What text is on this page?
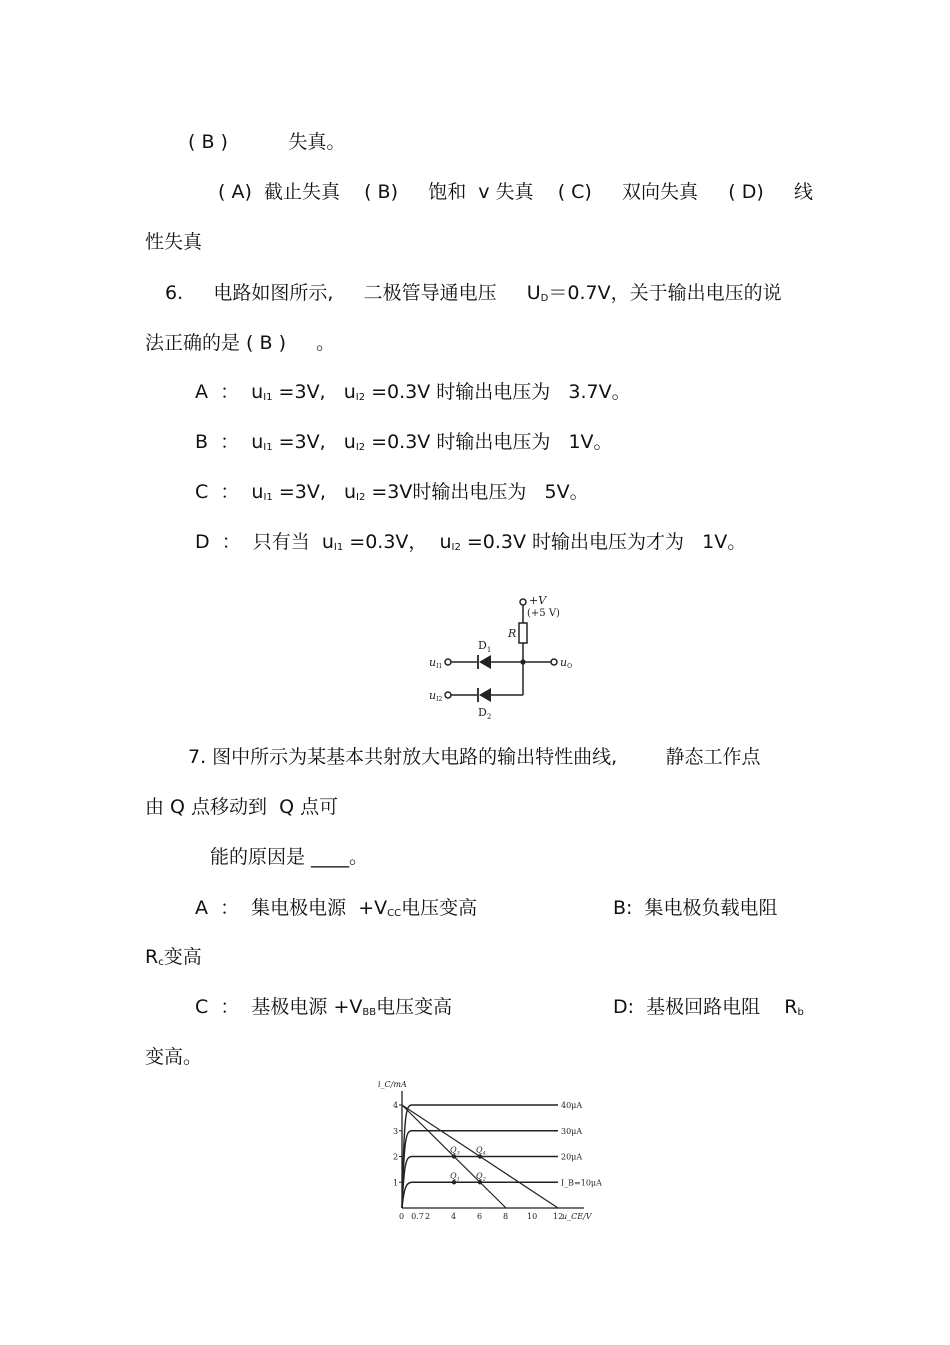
( B )          失真。
( A)  截止失真    ( B)     饱和  v 失真    ( C)     双向失真     ( D)     线
性失真
6.     电路如图所示,     二极管导通电压     $U_D=0.7V$，关于输出电压的说
法正确的是 ( B )     。
A  ：  $u_{I1} =3V$,   $u_{I2} =0.3V$ 时输出电压为   3.7V。
B  ：  $u_{I1} =3V$,   $u_{I2} =0.3V$ 时输出电压为   1V。
C  ：  $u_{I1} =3V$,   $u_{I2} =3V$时输出电压为   5V。
D  ：  只有当  $u_{I1} =0.3V$，  $u_{I2} =0.3V$ 时输出电压为才为   1V。
+V
(+5 V)
R
$D_1$
$D_2$
uI1
uI2
uO
7. 图中所示为某基本共射放大电路的输出特性曲线,        静态工作点
由 Q 点移动到  Q 点可
能的原因是 ____。
A  ：  集电极电源  $+V_{CC}$电压变高	B:  集电极负载电阻
$R_c$变高
C  ：  基极电源 $+V_{BB}$电压变高	D:  基极回路电阻    $R_b$
变高。
i_C/mA
u_CE/V
0 0.7 2	4	6	8 10 12
1
2
3
4
I_B=10μA
20μA
30μA
40μA
$Q_1$ $Q_2$
$Q_3$ $Q_4$
